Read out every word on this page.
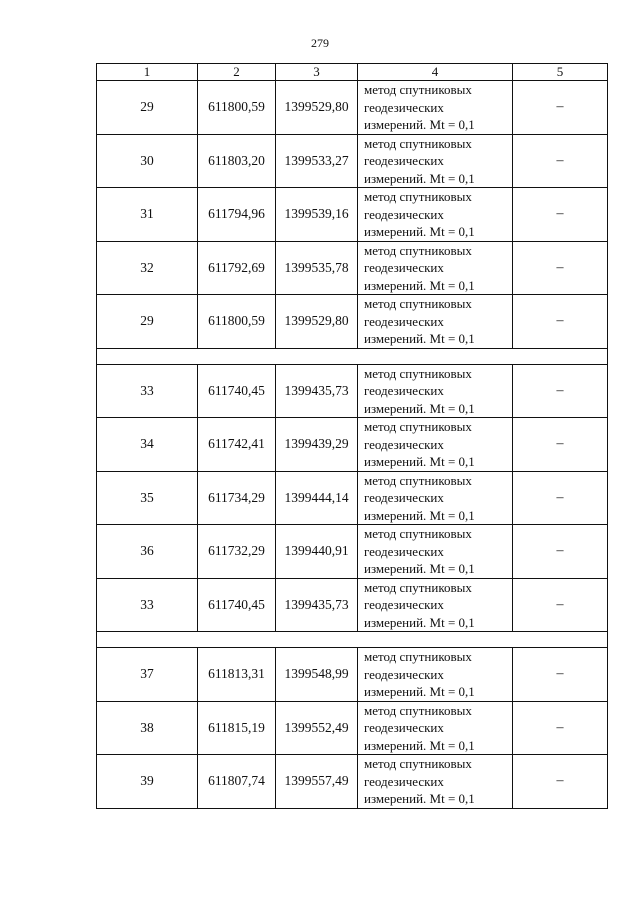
279
1	2	3	4	5
29	611800,59	1399529,80	метод спутниковых
геодезических
измерений. Mt = 0,1	–
30	611803,20	1399533,27	метод спутниковых
геодезических
измерений. Mt = 0,1	–
31	611794,96	1399539,16	метод спутниковых
геодезических
измерений. Mt = 0,1	–
32	611792,69	1399535,78	метод спутниковых
геодезических
измерений. Mt = 0,1	–
29	611800,59	1399529,80	метод спутниковых
геодезических
измерений. Mt = 0,1	–

33	611740,45	1399435,73	метод спутниковых
геодезических
измерений. Mt = 0,1	–
34	611742,41	1399439,29	метод спутниковых
геодезических
измерений. Mt = 0,1	–
35	611734,29	1399444,14	метод спутниковых
геодезических
измерений. Mt = 0,1	–
36	611732,29	1399440,91	метод спутниковых
геодезических
измерений. Mt = 0,1	–
33	611740,45	1399435,73	метод спутниковых
геодезических
измерений. Mt = 0,1	–

37	611813,31	1399548,99	метод спутниковых
геодезических
измерений. Mt = 0,1	–
38	611815,19	1399552,49	метод спутниковых
геодезических
измерений. Mt = 0,1	–
39	611807,74	1399557,49	метод спутниковых
геодезических
измерений. Mt = 0,1	–
